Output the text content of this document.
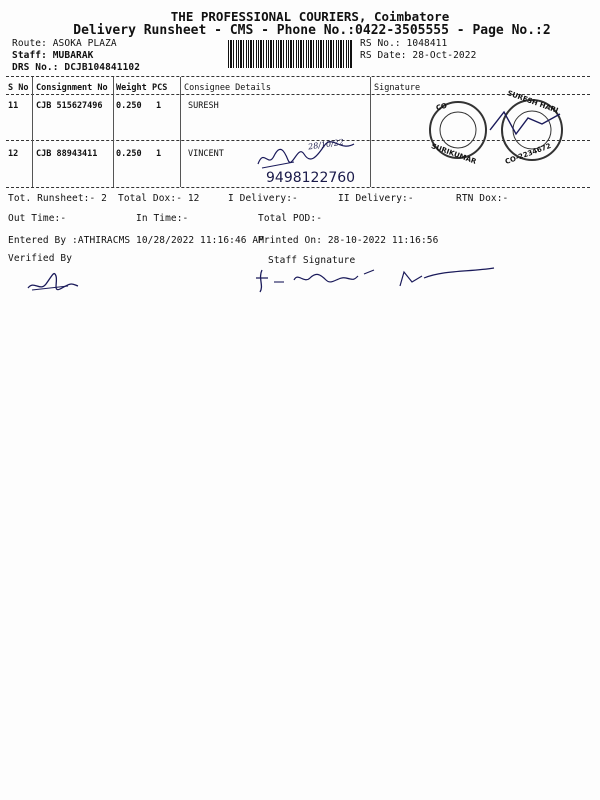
THE PROFESSIONAL COURIERS, Coimbatore
Delivery Runsheet - CMS - Phone No.:0422-3505555 - Page No.:2
Route: ASOKA PLAZA
Staff: MUBARAK
DRS No.: DCJB104841102
RS No.: 1048411
RS Date: 28-Oct-2022
S No Consignment No Weight PCS Consignee Details	Signature
11 CJB 515627496 0.250 1	SURESH
12 CJB 88943411 0.250 1	VINCENT
28/10/22
9498122760
CO
SURIKUMAR
SURESH HARI
CO-2234672
Tot. Runsheet:- 2 Total Dox:- 12	I Delivery:-	II Delivery:-	RTN Dox:-
Out Time:-	In Time:-	Total POD:-
Entered By :ATHIRACMS 10/28/2022 11:16:46 AM
Printed On: 28-10-2022 11:16:56
Verified By	Staff Signature
